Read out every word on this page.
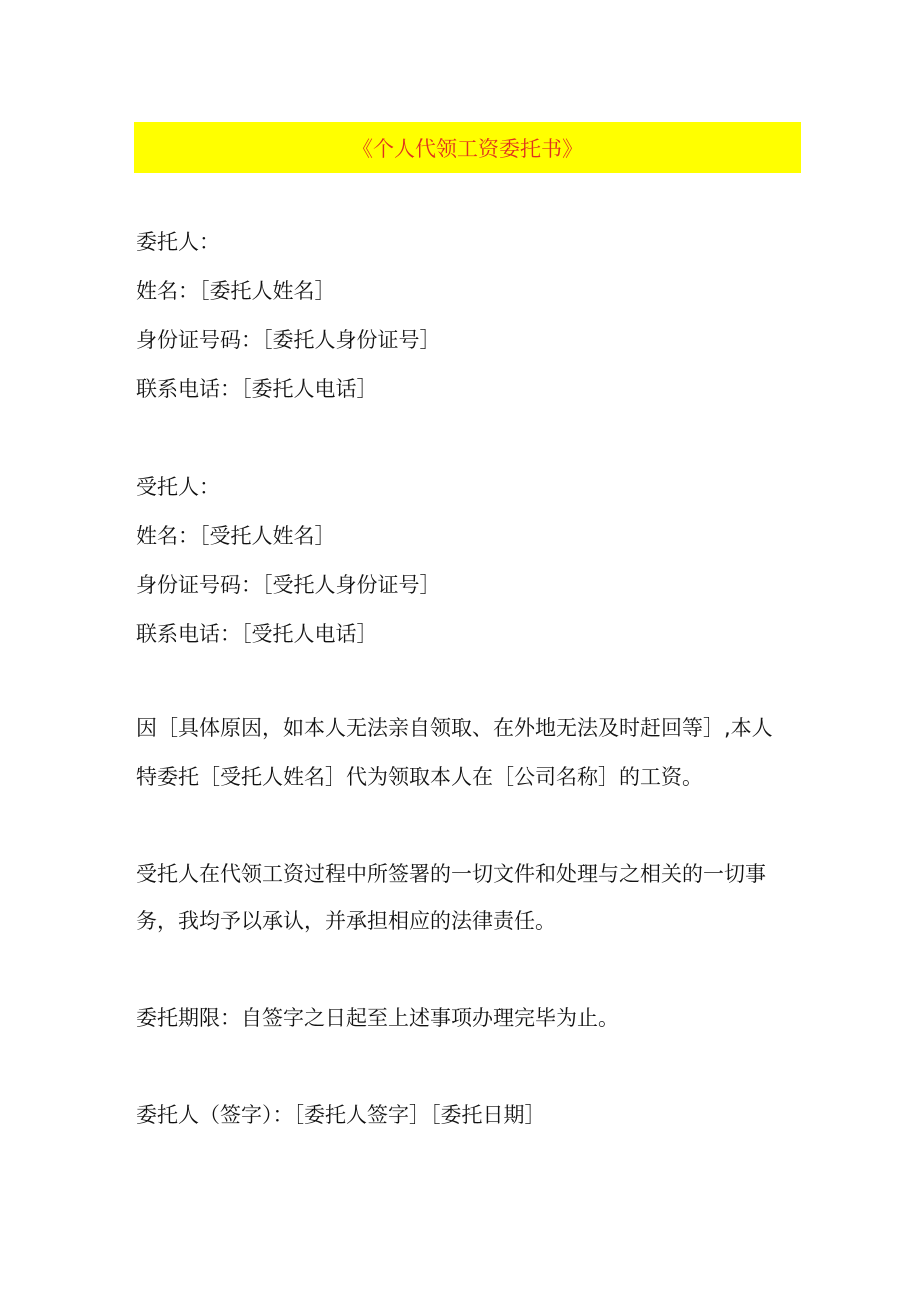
《个人代领工资委托书》
委托人：
姓名：［委托人姓名］
身份证号码：［委托人身份证号］
联系电话：［委托人电话］
受托人：
姓名：［受托人姓名］
身份证号码：［受托人身份证号］
联系电话：［受托人电话］
因［具体原因，如本人无法亲自领取、在外地无法及时赶回等］,本人
特委托［受托人姓名］代为领取本人在［公司名称］的工资。
受托人在代领工资过程中所签署的一切文件和处理与之相关的一切事
务，我均予以承认，并承担相应的法律责任。
委托期限：自签字之日起至上述事项办理完毕为止。
委托人（签字）：［委托人签字］［委托日期］
